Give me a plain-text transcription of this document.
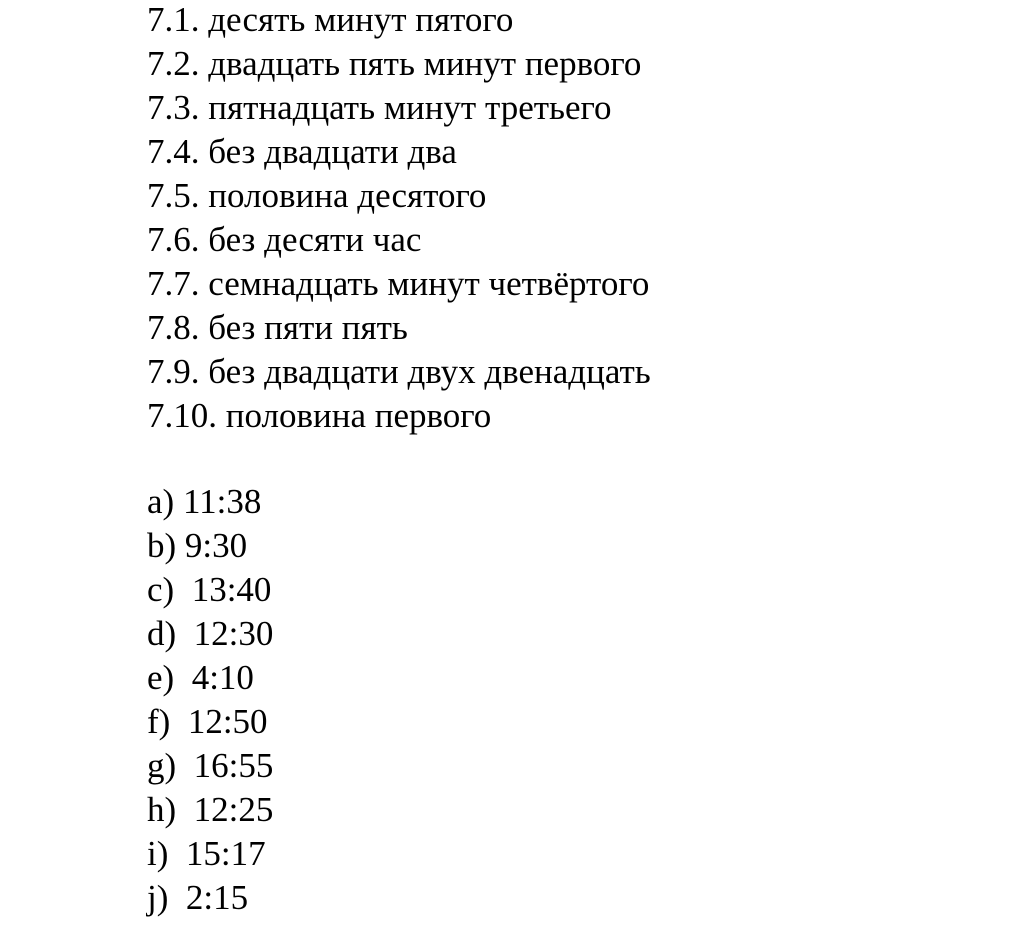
7.1. десять минут пятого
7.2. двадцать пять минут первого
7.3. пятнадцать минут третьего
7.4. без двадцати два
7.5. половина десятого
7.6. без десяти час
7.7. семнадцать минут четвёртого
7.8. без пяти пять
7.9. без двадцати двух двенадцать
7.10. половина первого
a) 11:38
b) 9:30
c) 13:40
d) 12:30
e) 4:10
f) 12:50
g) 16:55
h) 12:25
i) 15:17
j) 2:15
